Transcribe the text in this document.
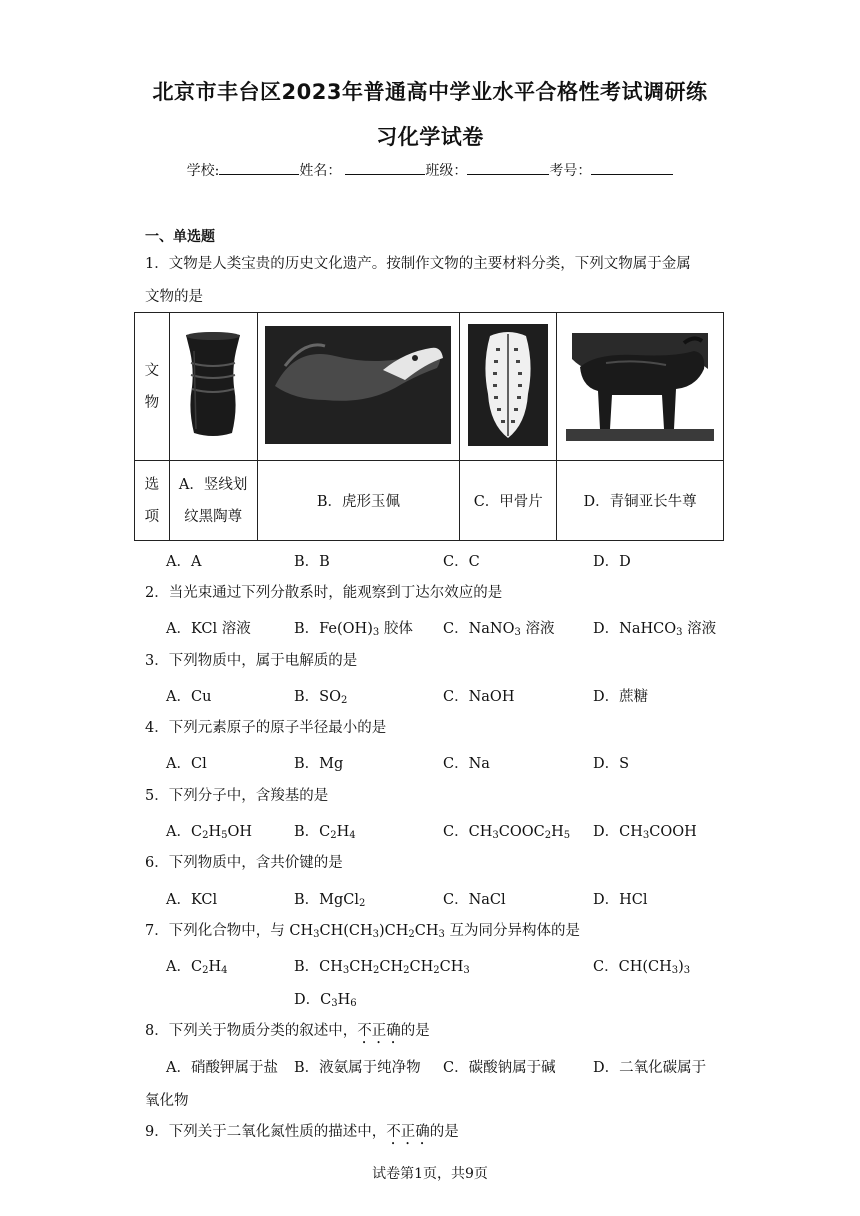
北京市丰台区2023年普通高中学业水平合格性考试调研练
习化学试卷
学校:	姓名：	班级：	考号：
一、单选题
1．文物是人类宝贵的历史文化遗产。按制作文物的主要材料分类，下列文物属于金属
文物的是
文
物				
选
项	A．竖线划
纹黑陶尊	B．虎形玉佩	C．甲骨片	D．青铜亚长牛尊
A．A	B．B	C．C	D．D
2．当光束通过下列分散系时，能观察到丁达尔效应的是
A．KCl 溶液	B．$Fe(OH)_3$ 胶体 C．NaNO$_3$ 溶液	D．NaHCO$_3$ 溶液
3．下列物质中，属于电解质的是
A．Cu	B．$SO_2$	C．NaOH	D．蔗糖
4．下列元素原子的原子半径最小的是
A．Cl	B．Mg	C．Na	D．S
5．下列分子中，含羧基的是
A．$C_2H_5OH$	B．$C_2H_4$	C．$CH_3COOC_2H_5$ D．$CH_3COOH$
6．下列物质中，含共价键的是
A．KCl	B．MgCl$_2$	C．NaCl	D．HCl
7．下列化合物中，与 $CH_3CH(CH_3)CH_2CH_3$ 互为同分异构体的是
A．$C_2H_4$	B．$CH_3CH_2CH_2CH_2CH_3$	C．$CH(CH_3)_3$
D．$C_3H_6$
8．下列关于物质分类的叙述中，不正确的是
A．硝酸钾属于盐 B．液氨属于纯净物 C．碳酸钠属于碱	D．二氧化碳属于
氧化物
9．下列关于二氧化氮性质的描述中，不正确的是
试卷第1页，共9页
